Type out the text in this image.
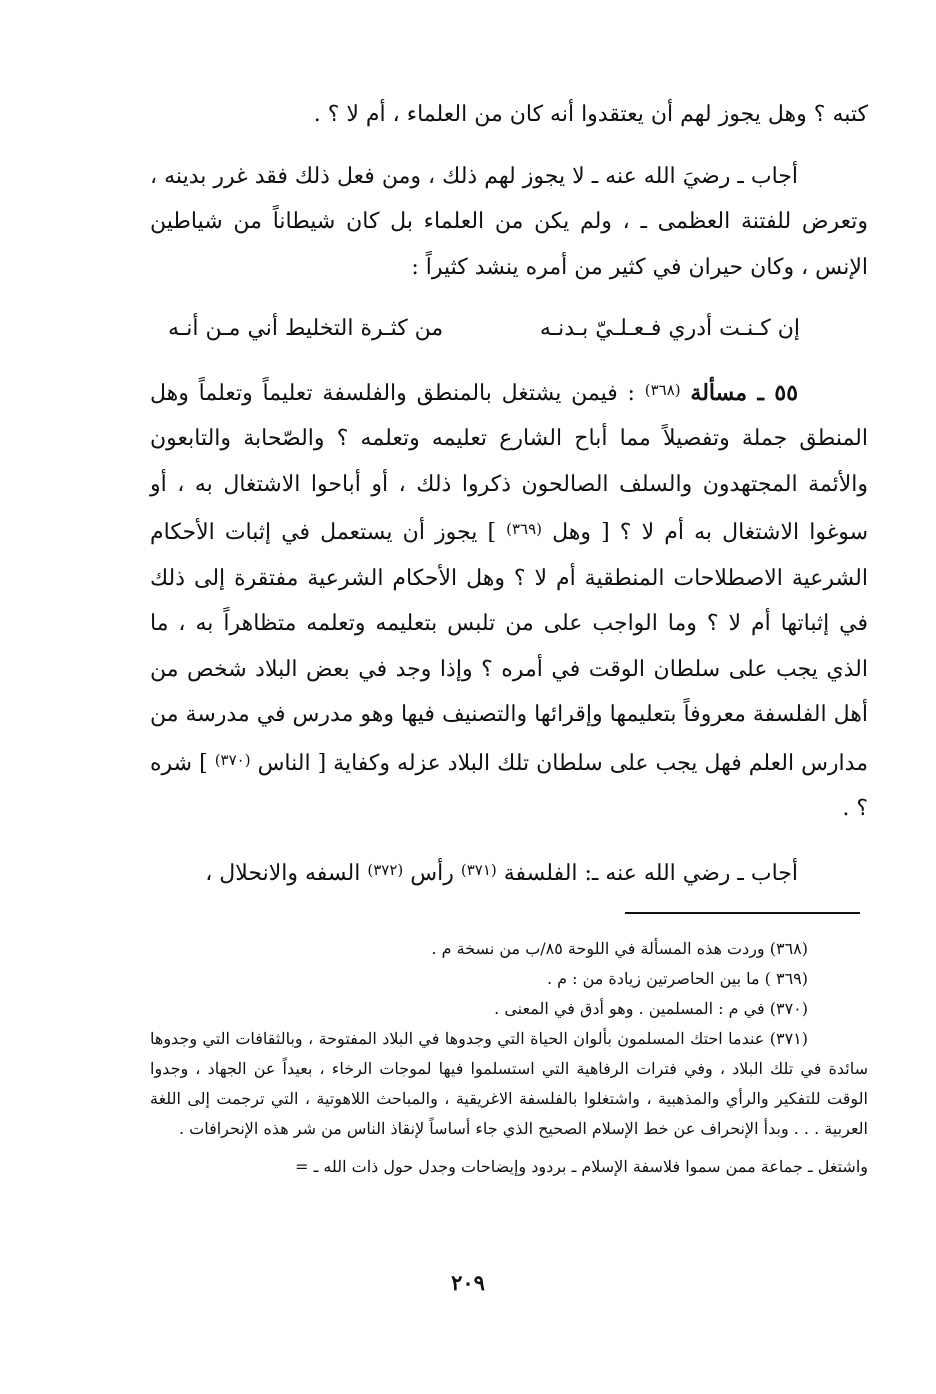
كتبه ؟ وهل يجوز لهم أن يعتقدوا أنه كان من العلماء ، أم لا ؟ .

أجاب ـ رضيَ الله عنه ـ لا يجوز لهم ذلك ، ومن فعل ذلك فقد غرر بدينه ، وتعرض للفتنة العظمى ـ ، ولم يكن من العلماء بل كان شيطاناً من شياطين الإنس ، وكان حيران في كثير من أمره ينشد كثيراً :

إن كـنـت أدري فـعـلـيّ بـدنـه
من كثـرة التخليط أني مـن أنـه

٥٥ ـ مسألة $^{(٣٦٨)}$ : فيمن يشتغل بالمنطق والفلسفة تعليماً وتعلماً وهل المنطق جملة وتفصيلاً مما أباح الشارع تعليمه وتعلمه ؟ والصّحابة والتابعون والأئمة المجتهدون والسلف الصالحون ذكروا ذلك ، أو أباحوا الاشتغال به ، أو سوغوا الاشتغال به أم لا ؟ [ وهل $^{(٣٦٩)}$ ] يجوز أن يستعمل في إثبات الأحكام الشرعية الاصطلاحات المنطقية أم لا ؟ وهل الأحكام الشرعية مفتقرة إلى ذلك في إثباتها أم لا ؟ وما الواجب على من تلبس بتعليمه وتعلمه متظاهراً به ، ما الذي يجب على سلطان الوقت في أمره ؟ وإذا وجد في بعض البلاد شخص من أهل الفلسفة معروفاً بتعليمها وإقرائها والتصنيف فيها وهو مدرس في مدرسة من مدارس العلم فهل يجب على سلطان تلك البلاد عزله وكفاية [ الناس $^{(٣٧٠)}$ ] شره ؟ .

أجاب ـ رضي الله عنه ـ: الفلسفة $^{(٣٧١)}$ رأس $^{(٣٧٢)}$ السفه والانحلال ،

(٣٦٨) وردت هذه المسألة في اللوحة ٨٥/ب من نسخة م .

(٣٦٩ ) ما بين الحاصرتين زيادة من : م .

(٣٧٠) في م : المسلمين . وهو أدق في المعنى .

(٣٧١) عندما احتك المسلمون بألوان الحياة التي وجدوها في البلاد المفتوحة ، وبالثقافات التي وجدوها سائدة في تلك البلاد ، وفي فترات الرفاهية التي استسلموا فيها لموجات الرخاء ، بعيداً عن الجهاد ، وجدوا الوقت للتفكير والرأي والمذهبية ، واشتغلوا بالفلسفة الاغريقية ، والمباحث اللاهوتية ، التي ترجمت إلى اللغة العربية . . . وبدأ الإنحراف عن خط الإسلام الصحيح الذي جاء أساساً لإنقاذ الناس من شر هذه الإنحرافات .

واشتغل ـ جماعة ممن سموا فلاسفة الإسلام ـ بردود وإيضاحات وجدل حول ذات الله ـ =

٢٠٩
